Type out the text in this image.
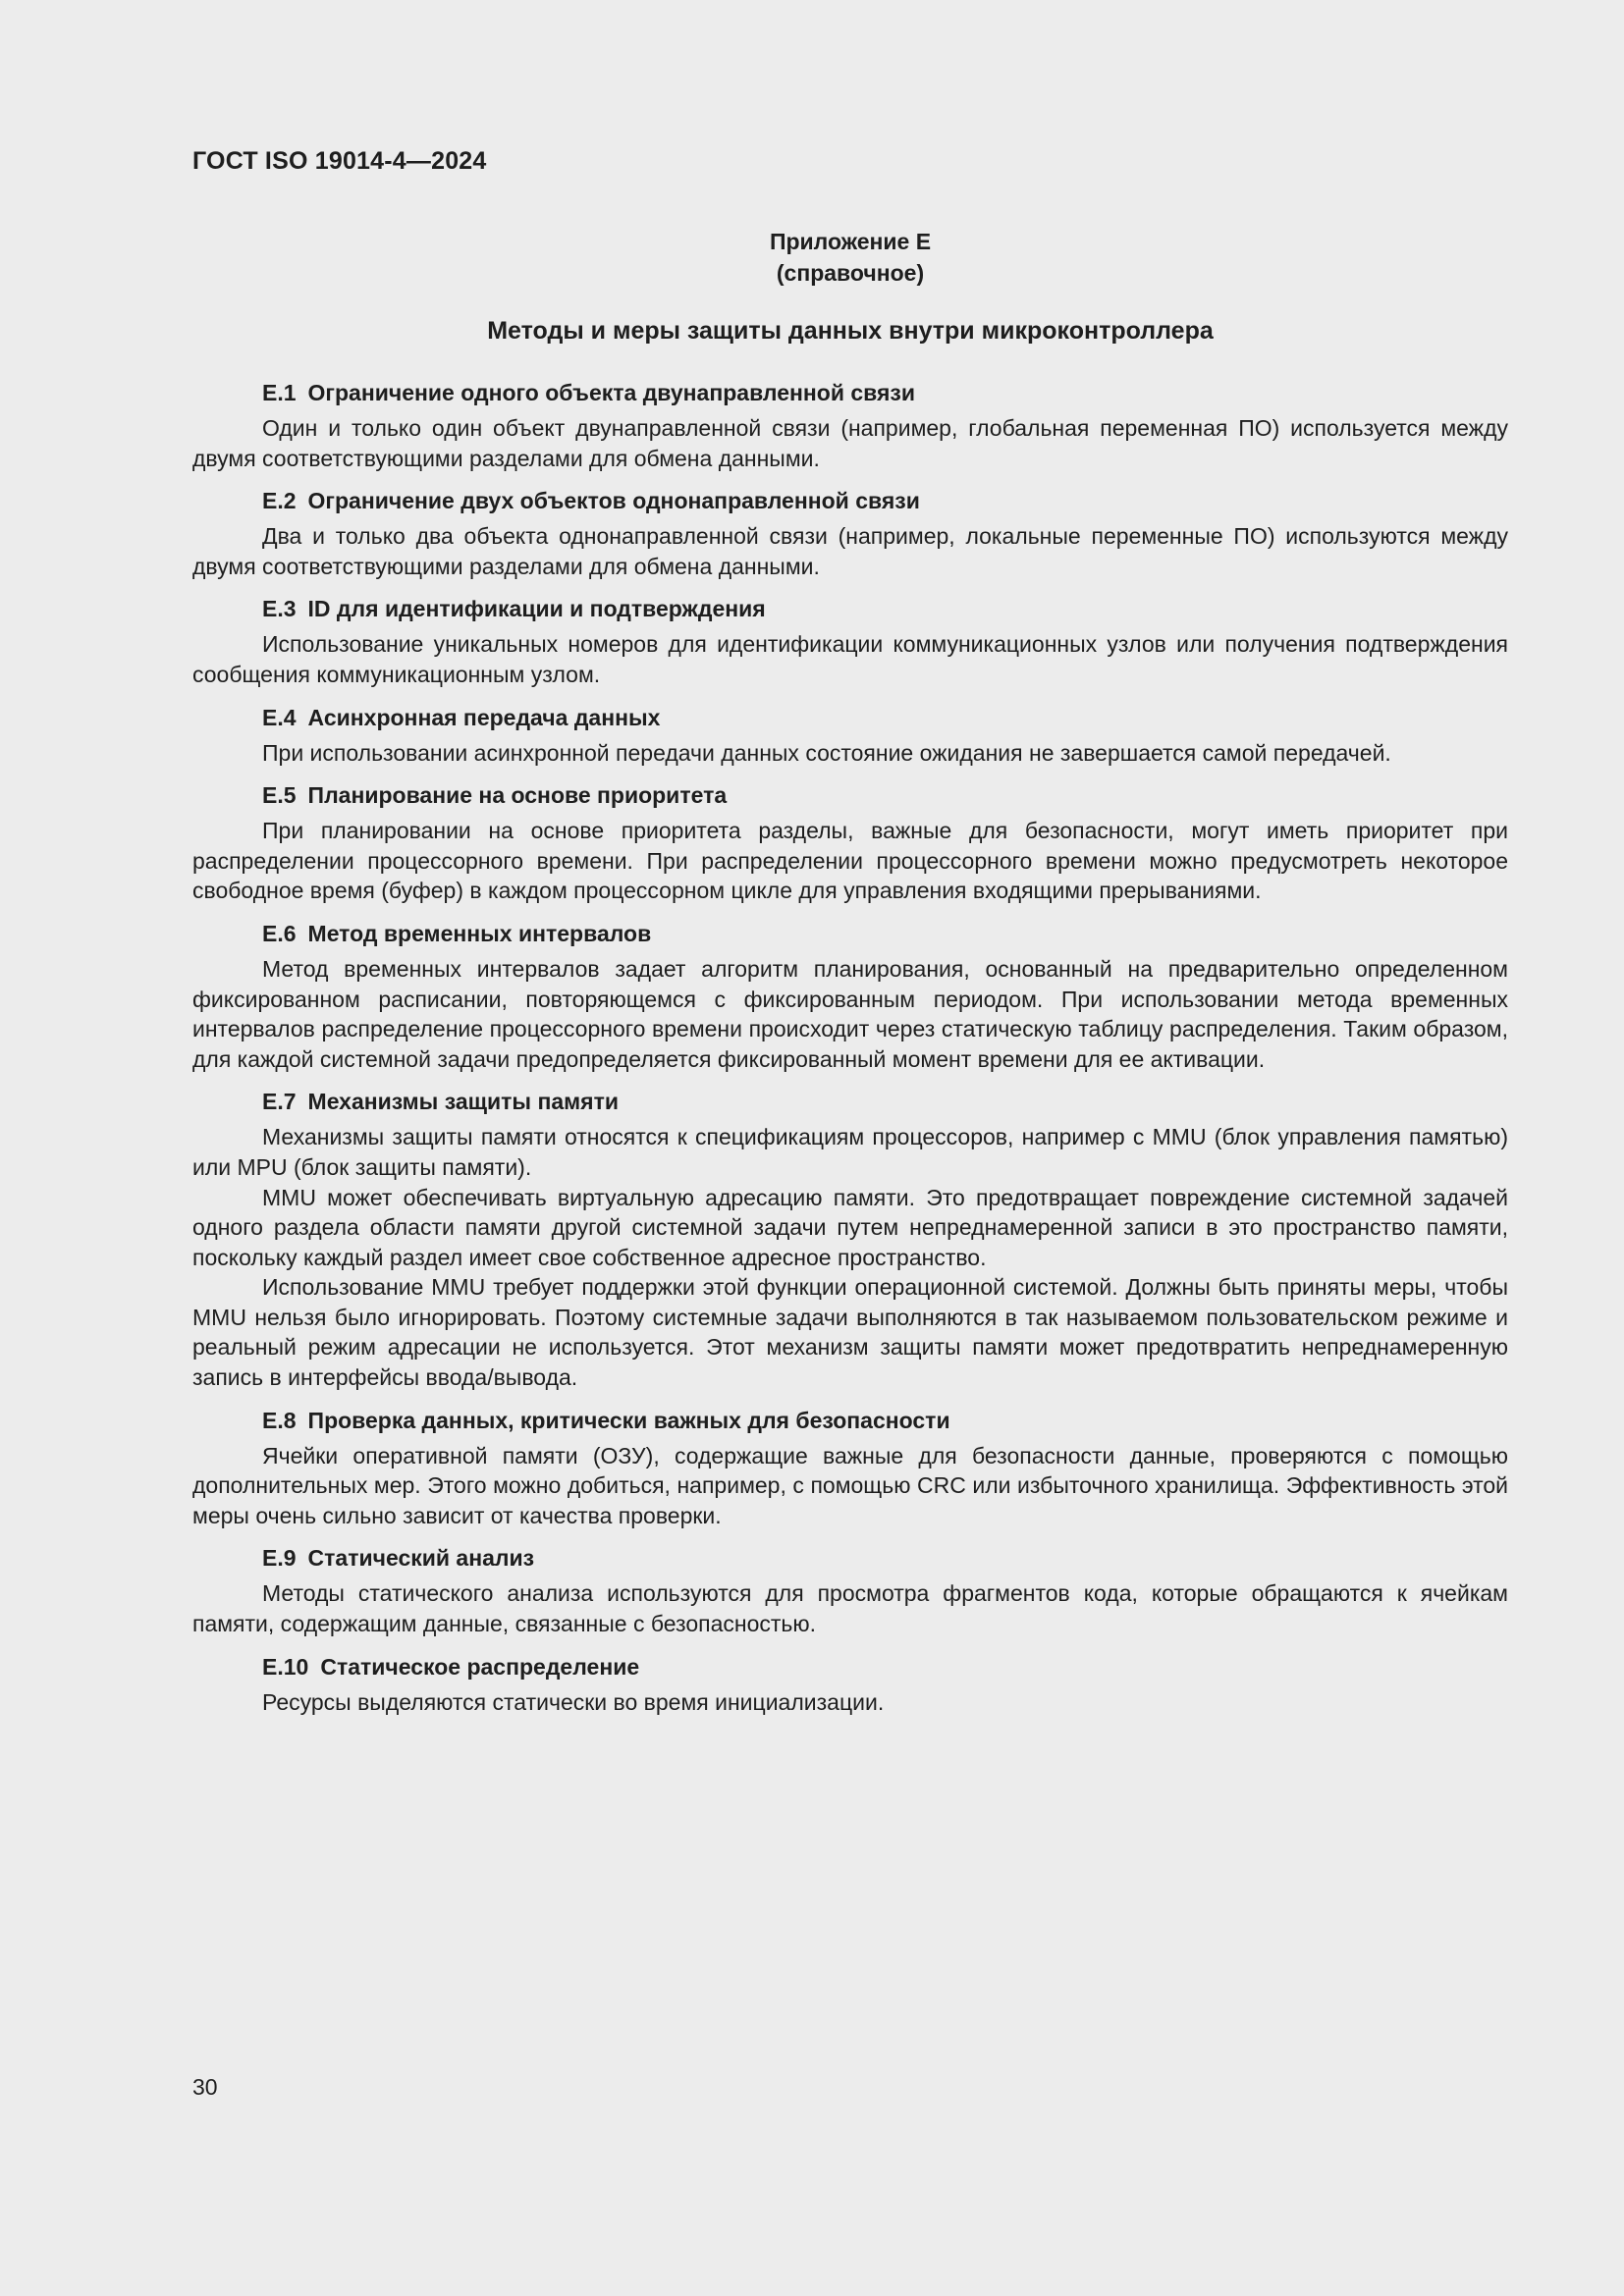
ГОСТ ISO 19014-4—2024
Приложение Е
(справочное)
Методы и меры защиты данных внутри микроконтроллера
Е.1 Ограничение одного объекта двунаправленной связи

Один и только один объект двунаправленной связи (например, глобальная переменная ПО) используется между двумя соответствующими разделами для обмена данными.

Е.2 Ограничение двух объектов однонаправленной связи

Два и только два объекта однонаправленной связи (например, локальные переменные ПО) используются между двумя соответствующими разделами для обмена данными.

Е.3 ID для идентификации и подтверждения

Использование уникальных номеров для идентификации коммуникационных узлов или получения подтверждения сообщения коммуникационным узлом.

Е.4 Асинхронная передача данных

При использовании асинхронной передачи данных состояние ожидания не завершается самой передачей.

Е.5 Планирование на основе приоритета

При планировании на основе приоритета разделы, важные для безопасности, могут иметь приоритет при распределении процессорного времени. При распределении процессорного времени можно предусмотреть некоторое свободное время (буфер) в каждом процессорном цикле для управления входящими прерываниями.

Е.6 Метод временных интервалов

Метод временных интервалов задает алгоритм планирования, основанный на предварительно определенном фиксированном расписании, повторяющемся с фиксированным периодом. При использовании метода временных интервалов распределение процессорного времени происходит через статическую таблицу распределения. Таким образом, для каждой системной задачи предопределяется фиксированный момент времени для ее активации.

Е.7 Механизмы защиты памяти

Механизмы защиты памяти относятся к спецификациям процессоров, например с MMU (блок управления памятью) или MPU (блок защиты памяти).

MMU может обеспечивать виртуальную адресацию памяти. Это предотвращает повреждение системной задачей одного раздела области памяти другой системной задачи путем непреднамеренной записи в это пространство памяти, поскольку каждый раздел имеет свое собственное адресное пространство.

Использование MMU требует поддержки этой функции операционной системой. Должны быть приняты меры, чтобы MMU нельзя было игнорировать. Поэтому системные задачи выполняются в так называемом пользовательском режиме и реальный режим адресации не используется. Этот механизм защиты памяти может предотвратить непреднамеренную запись в интерфейсы ввода/вывода.

Е.8 Проверка данных, критически важных для безопасности

Ячейки оперативной памяти (ОЗУ), содержащие важные для безопасности данные, проверяются с помощью дополнительных мер. Этого можно добиться, например, с помощью CRC или избыточного хранилища. Эффективность этой меры очень сильно зависит от качества проверки.

Е.9 Статический анализ

Методы статического анализа используются для просмотра фрагментов кода, которые обращаются к ячейкам памяти, содержащим данные, связанные с безопасностью.

Е.10 Статическое распределение

Ресурсы выделяются статически во время инициализации.

30
